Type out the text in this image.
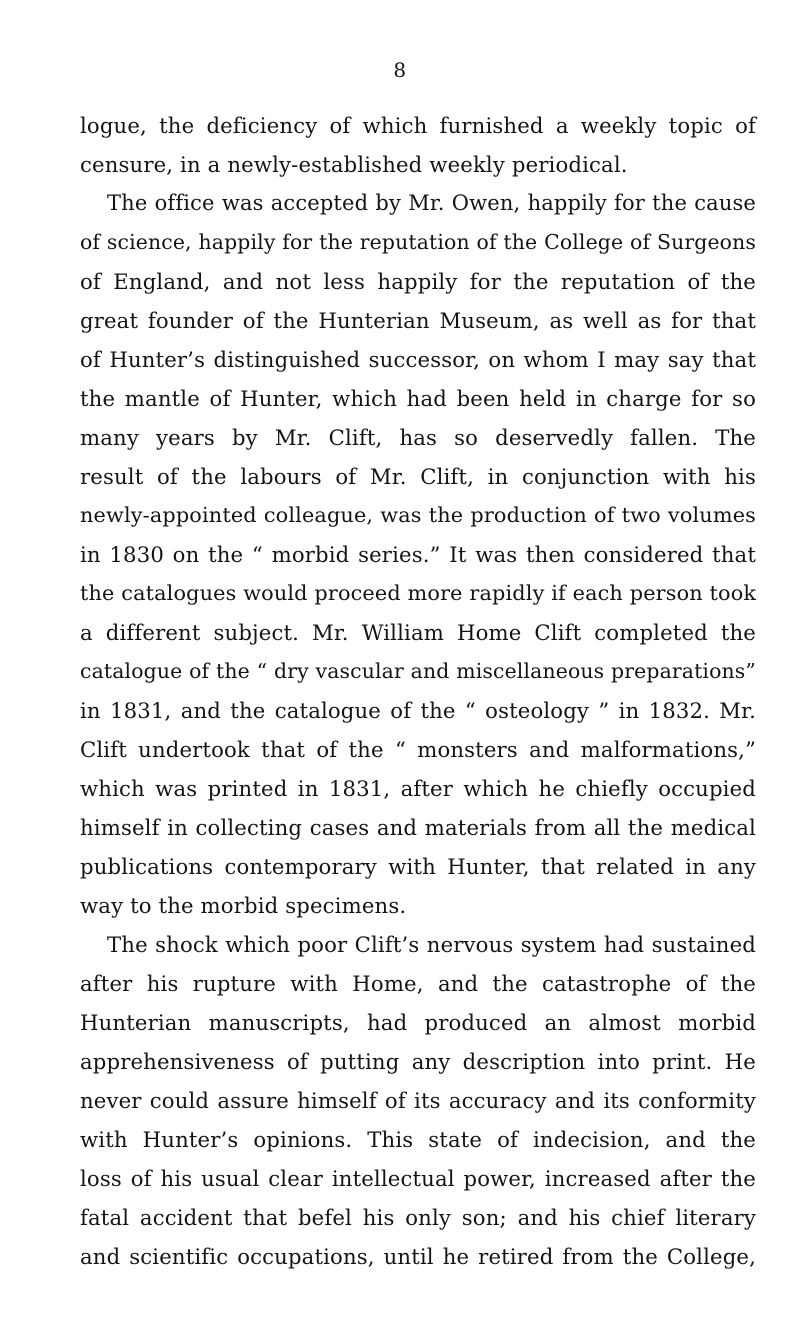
8
logue, the deficiency of which furnished a weekly topic of
censure, in a newly-established weekly periodical.
The office was accepted by Mr. Owen, happily for the cause
of science, happily for the reputation of the College of Surgeons
of England, and not less happily for the reputation of the
great founder of the Hunterian Museum, as well as for that
of Hunter’s distinguished successor, on whom I may say that
the mantle of Hunter, which had been held in charge for so
many years by Mr. Clift, has so deservedly fallen. The
result of the labours of Mr. Clift, in conjunction with his
newly-appointed colleague, was the production of two volumes
in 1830 on the “ morbid series.” It was then considered that
the catalogues would proceed more rapidly if each person took
a different subject. Mr. William Home Clift completed the
catalogue of the “ dry vascular and miscellaneous preparations”
in 1831, and the catalogue of the “ osteology ” in 1832. Mr.
Clift undertook that of the “ monsters and malformations,”
which was printed in 1831, after which he chiefly occupied
himself in collecting cases and materials from all the medical
publications contemporary with Hunter, that related in any
way to the morbid specimens.
The shock which poor Clift’s nervous system had sustained
after his rupture with Home, and the catastrophe of the
Hunterian manuscripts, had produced an almost morbid
apprehensiveness of putting any description into print. He
never could assure himself of its accuracy and its conformity
with Hunter’s opinions. This state of indecision, and the
loss of his usual clear intellectual power, increased after the
fatal accident that befel his only son; and his chief literary
and scientific occupations, until he retired from the College,
